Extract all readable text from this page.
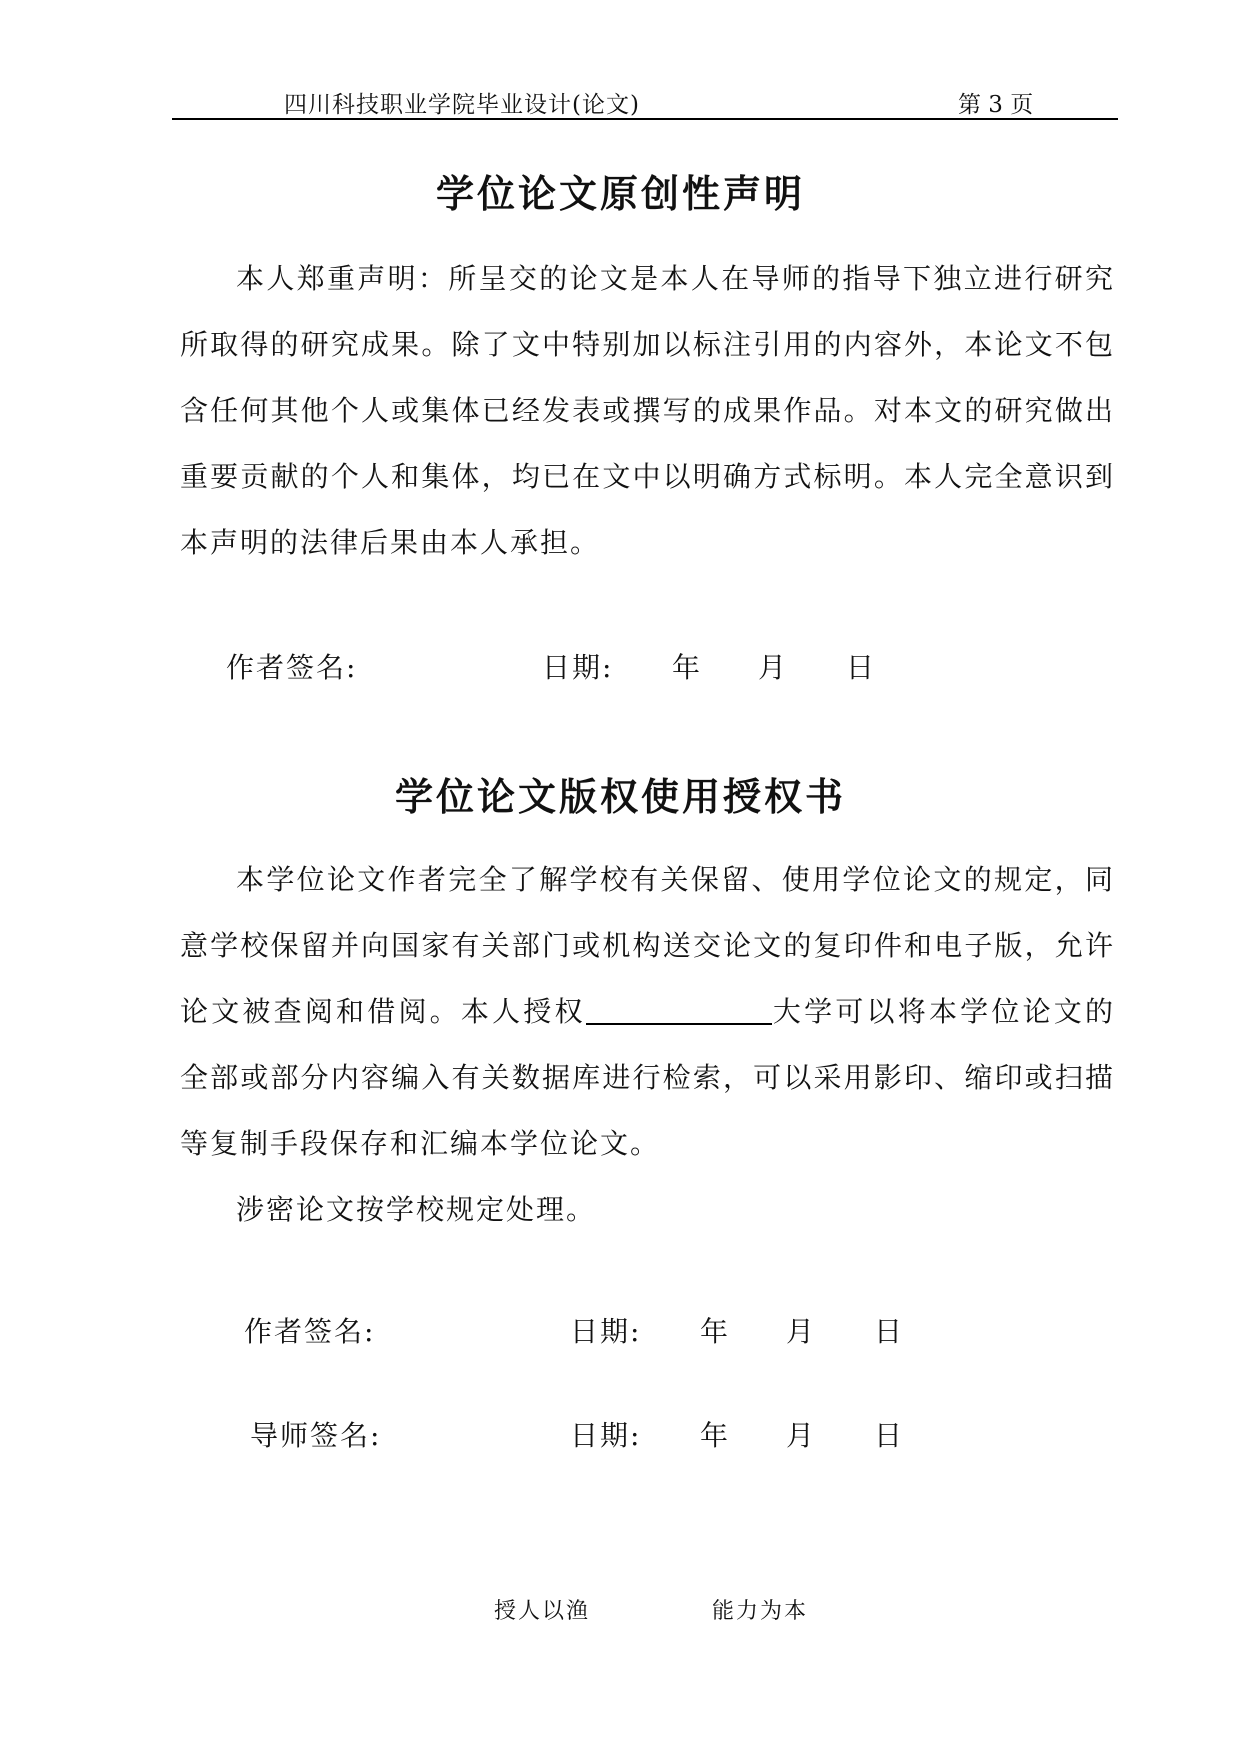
四川科技职业学院毕业设计(论文)	第 3 页
学位论文原创性声明

本人郑重声明：所呈交的论文是本人在导师的指导下独立进行研究所取得的研究成果。除了文中特别加以标注引用的内容外，本论文不包含任何其他个人或集体已经发表或撰写的成果作品。对本文的研究做出重要贡献的个人和集体，均已在文中以明确方式标明。本人完全意识到本声明的法律后果由本人承担。

作者签名:	日期: 年 月 日
学位论文版权使用授权书

本学位论文作者完全了解学校有关保留、使用学位论文的规定，同意学校保留并向国家有关部门或机构送交论文的复印件和电子版，允许论文被查阅和借阅。本人授权	大学可以将本学位论文的全部或部分内容编入有关数据库进行检索，可以采用影印、缩印或扫描等复制手段保存和汇编本学位论文。

涉密论文按学校规定处理。

作者签名:	日期: 年 月 日
导师签名:	日期: 年 月 日
授人以渔	能力为本
